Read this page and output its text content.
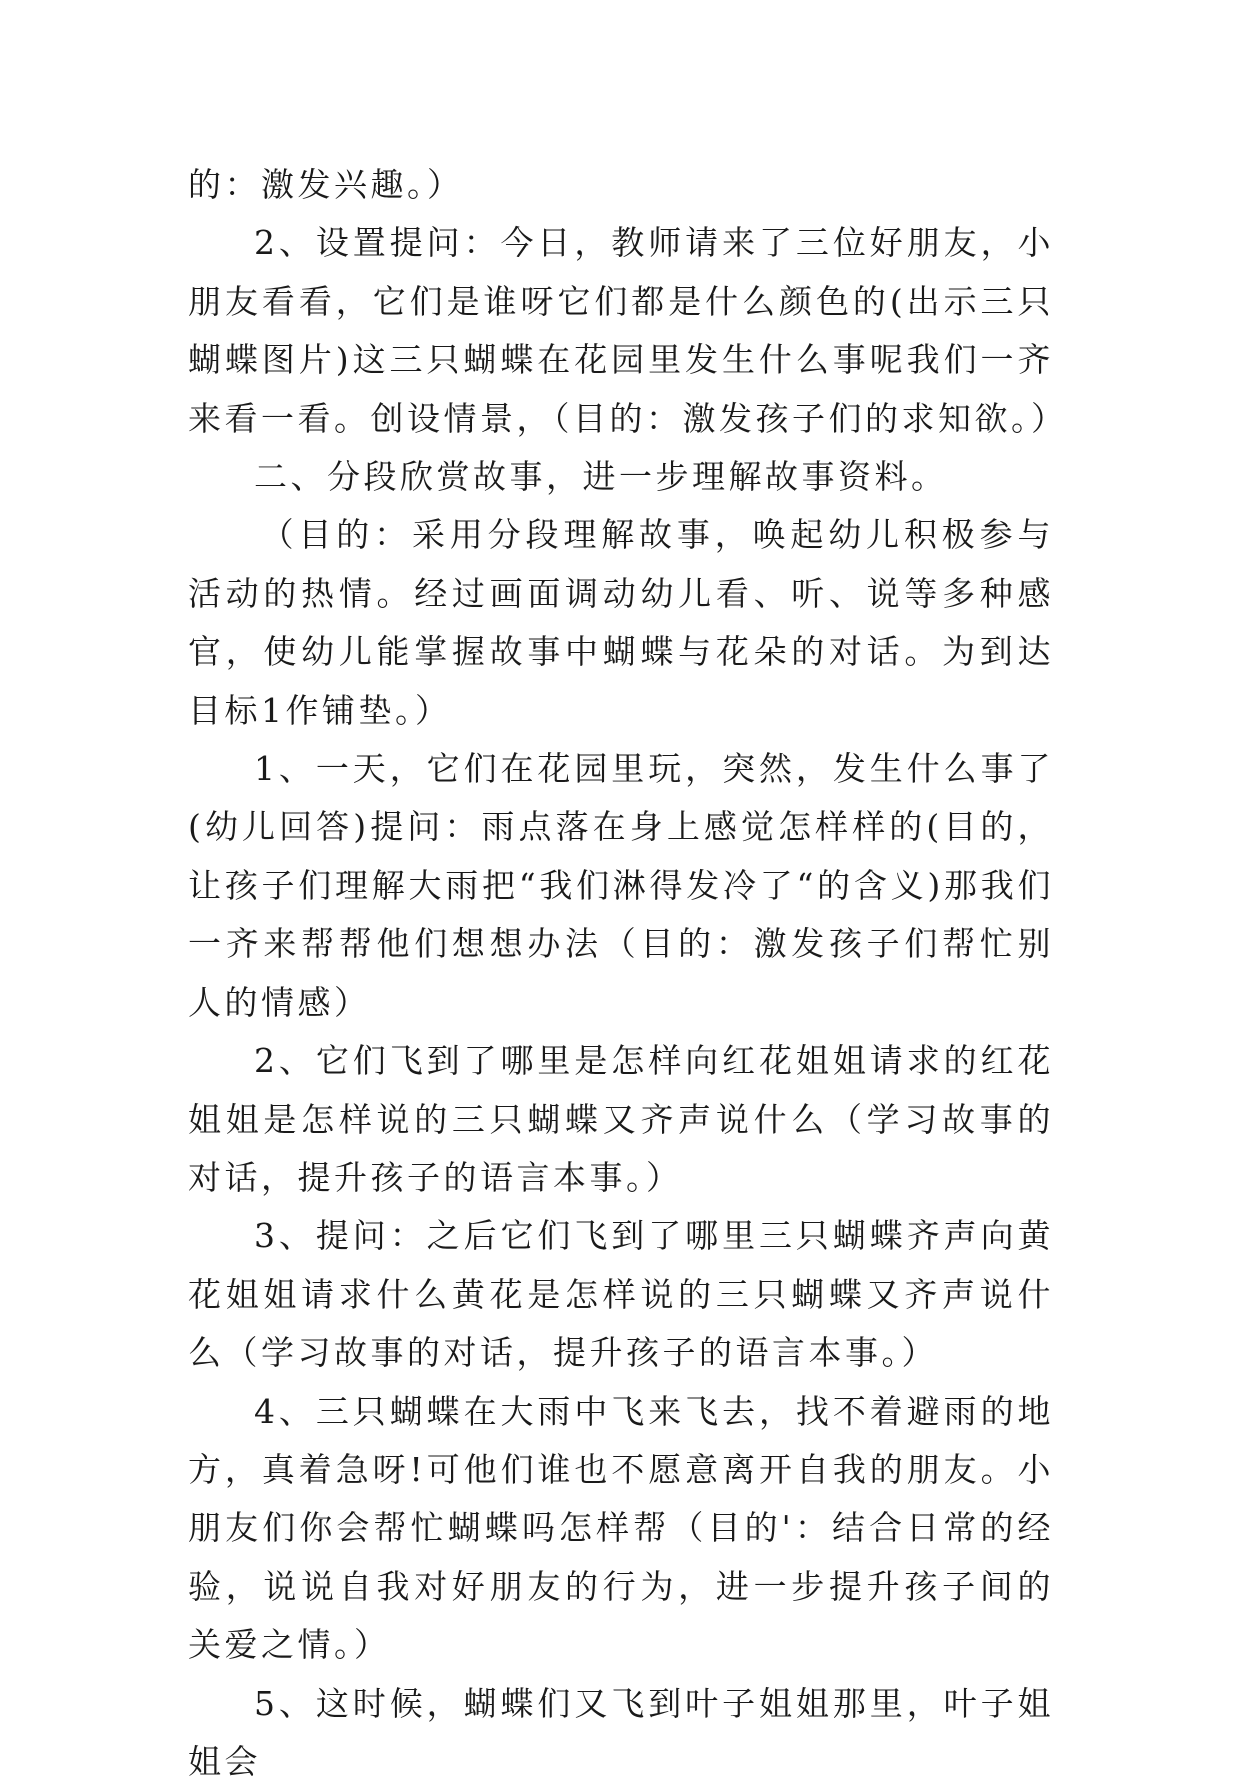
的：激发兴趣。）

2、设置提问：今日，教师请来了三位好朋友，小朋友看看，它们是谁呀它们都是什么颜色的(出示三只蝴蝶图片)这三只蝴蝶在花园里发生什么事呢我们一齐来看一看。创设情景，（目的：激发孩子们的求知欲。）

二、分段欣赏故事，进一步理解故事资料。

（目的：采用分段理解故事，唤起幼儿积极参与活动的热情。经过画面调动幼儿看、听、说等多种感官，使幼儿能掌握故事中蝴蝶与花朵的对话。为到达目标1作铺垫。）

1、一天，它们在花园里玩，突然，发生什么事了(幼儿回答)提问：雨点落在身上感觉怎样样的(目的，让孩子们理解大雨把“我们淋得发冷了“的含义)那我们一齐来帮帮他们想想办法（目的：激发孩子们帮忙别人的情感）

2、它们飞到了哪里是怎样向红花姐姐请求的红花姐姐是怎样说的三只蝴蝶又齐声说什么（学习故事的对话，提升孩子的语言本事。）

3、提问：之后它们飞到了哪里三只蝴蝶齐声向黄花姐姐请求什么黄花是怎样说的三只蝴蝶又齐声说什么（学习故事的对话，提升孩子的语言本事。）

4、三只蝴蝶在大雨中飞来飞去，找不着避雨的地方，真着急呀!可他们谁也不愿意离开自我的朋友。小朋友们你会帮忙蝴蝶吗怎样帮（目的'：结合日常的经验，说说自我对好朋友的行为，进一步提升孩子间的关爱之情。）

5、这时候，蝴蝶们又飞到叶子姐姐那里，叶子姐姐会
